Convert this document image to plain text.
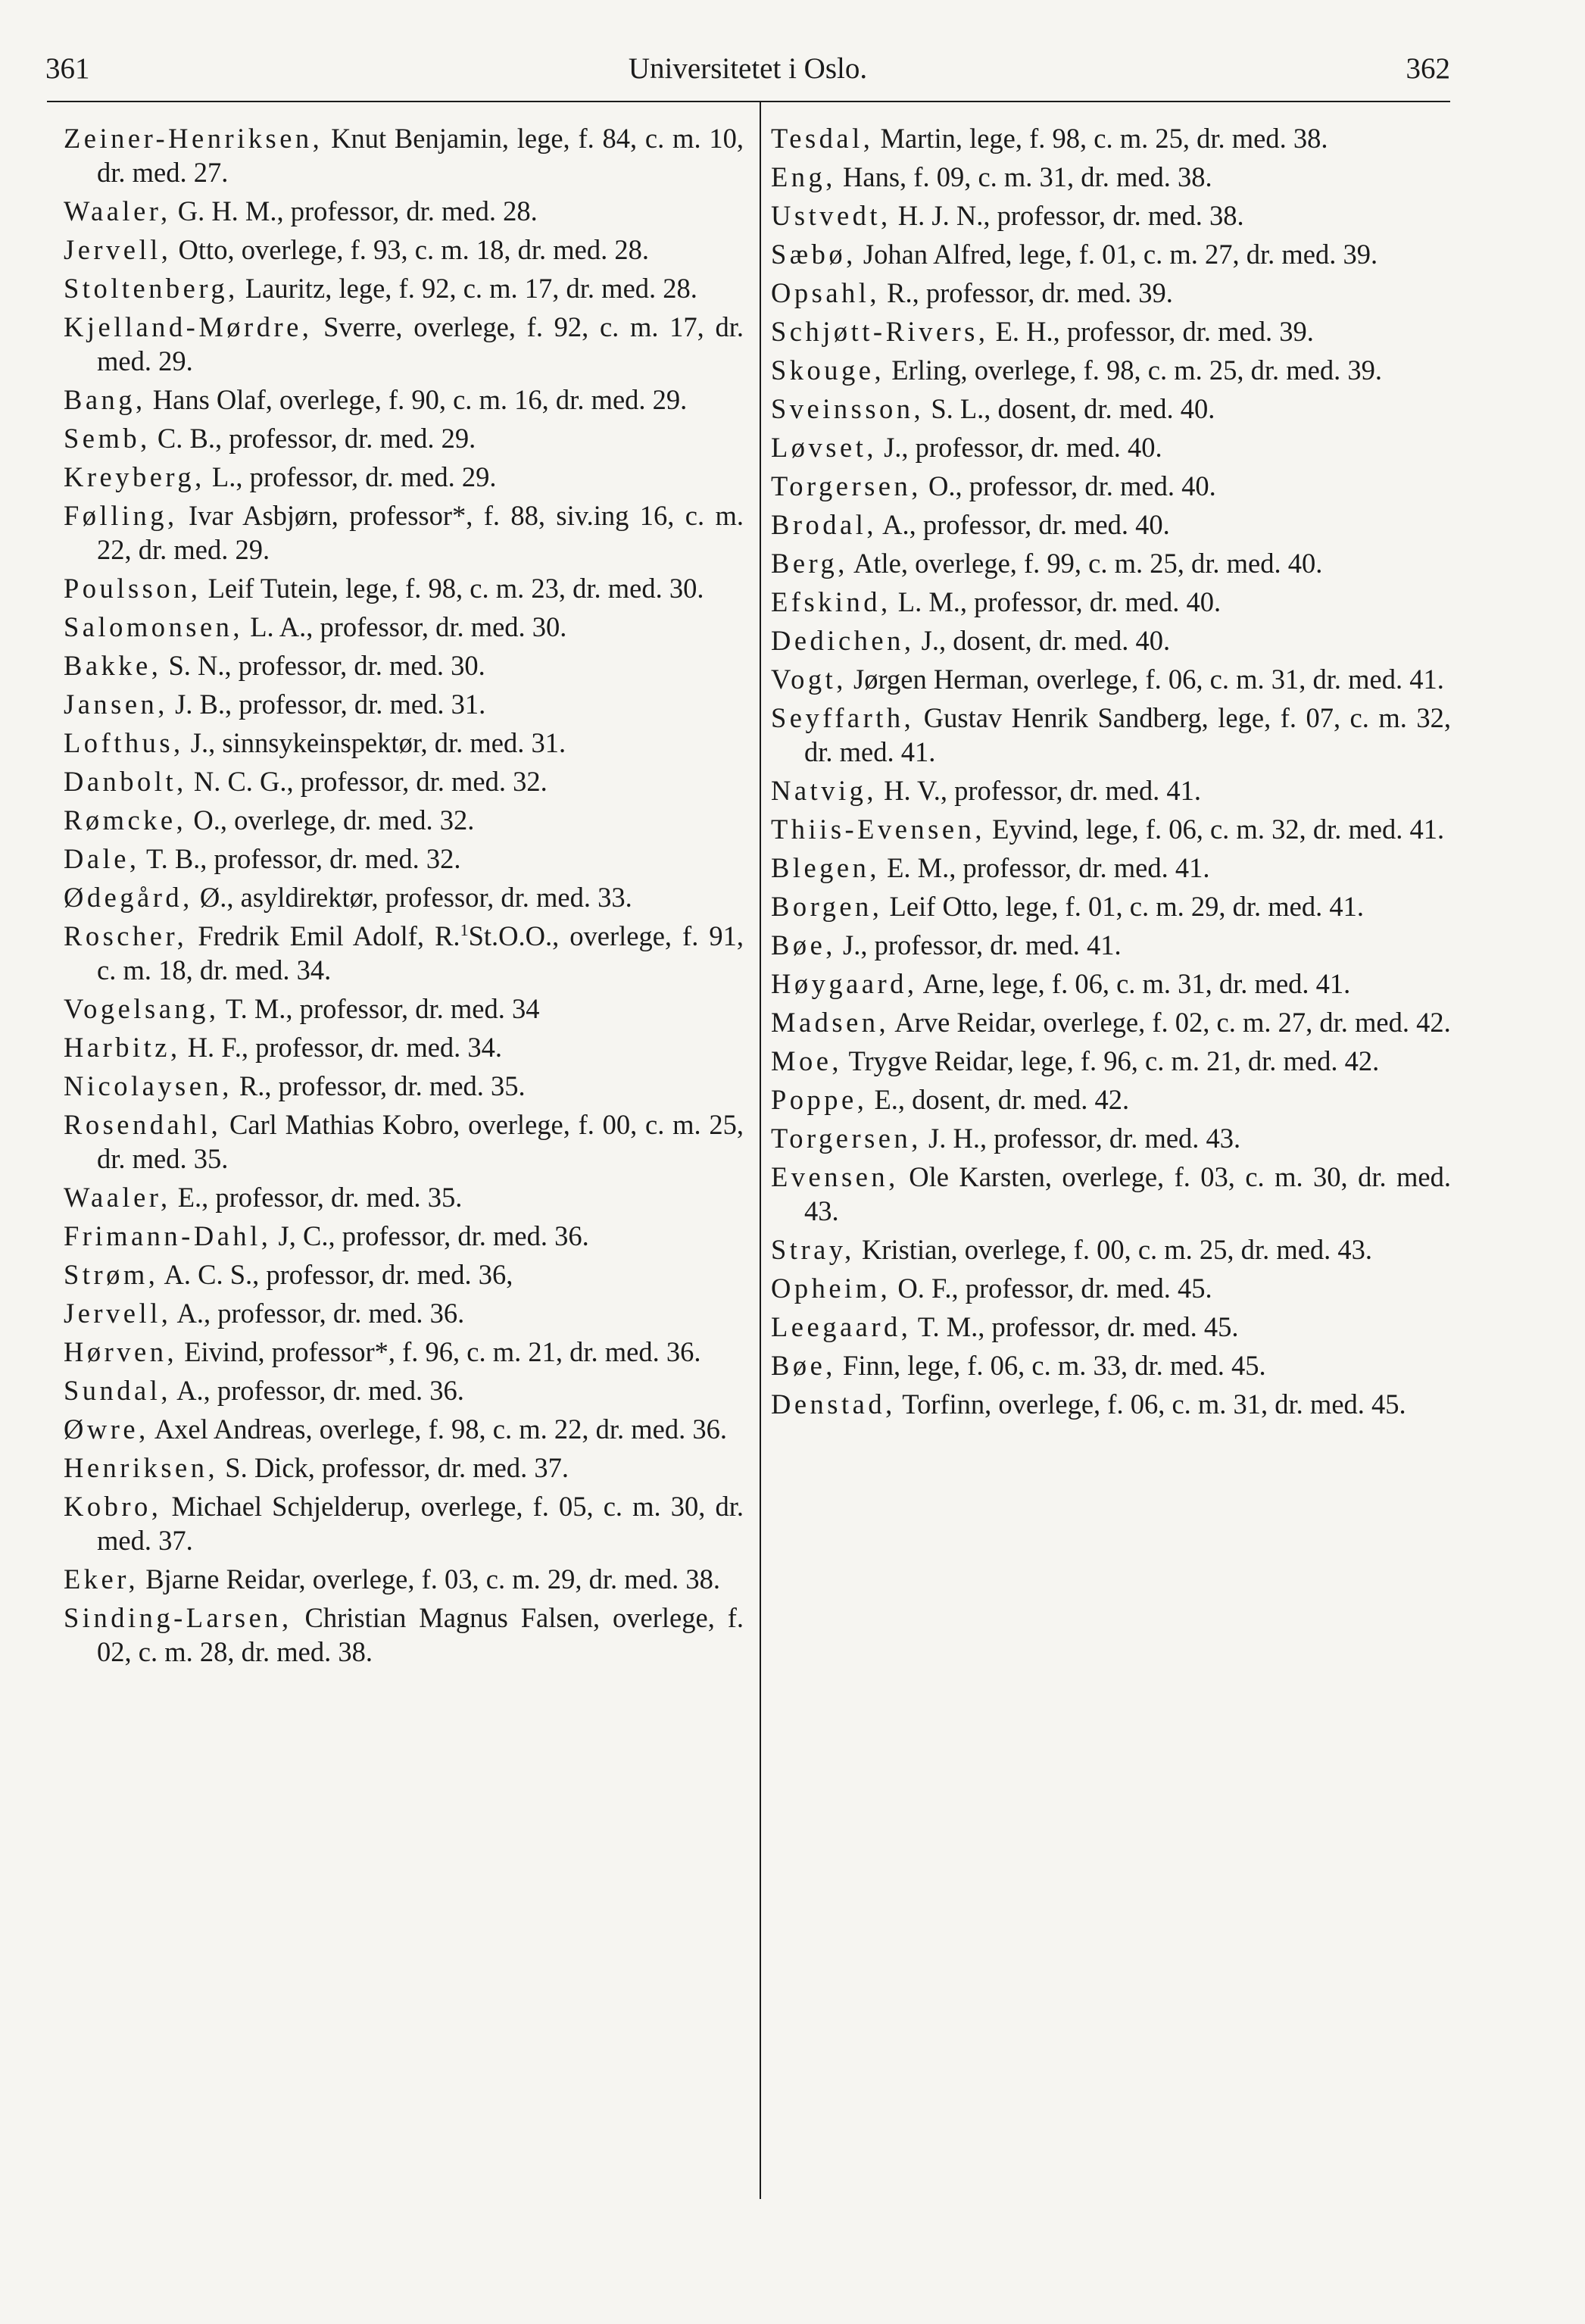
361	Universitetet i Oslo.	362

Zeiner-Henriksen, Knut Benjamin, lege, f. 84, c. m. 10, dr. med. 27.

Waaler, G. H. M., professor, dr. med. 28.

Jervell, Otto, overlege, f. 93, c. m. 18, dr. med. 28.

Stoltenberg, Lauritz, lege, f. 92, c. m. 17, dr. med. 28.

Kjelland-Mørdre, Sverre, overlege, f. 92, c. m. 17, dr. med. 29.

Bang, Hans Olaf, overlege, f. 90, c. m. 16, dr. med. 29.

Semb, C. B., professor, dr. med. 29.

Kreyberg, L., professor, dr. med. 29.

Følling, Ivar Asbjørn, professor*, f. 88, siv.ing 16, c. m. 22, dr. med. 29.

Poulsson, Leif Tutein, lege, f. 98, c. m. 23, dr. med. 30.

Salomonsen, L. A., professor, dr. med. 30.

Bakke, S. N., professor, dr. med. 30.

Jansen, J. B., professor, dr. med. 31.

Lofthus, J., sinnsykeinspektør, dr. med. 31.

Danbolt, N. C. G., professor, dr. med. 32.

Rømcke, O., overlege, dr. med. 32.

Dale, T. B., professor, dr. med. 32.

Ødegård, Ø., asyldirektør, professor, dr. med. 33.

Roscher, Fredrik Emil Adolf, R.$^1$St.O.O., overlege, f. 91, c. m. 18, dr. med. 34.

Vogelsang, T. M., professor, dr. med. 34

Harbitz, H. F., professor, dr. med. 34.

Nicolaysen, R., professor, dr. med. 35.

Rosendahl, Carl Mathias Kobro, overlege, f. 00, c. m. 25, dr. med. 35.

Waaler, E., professor, dr. med. 35.

Frimann-Dahl, J, C., professor, dr. med. 36.

Strøm, A. C. S., professor, dr. med. 36,

Jervell, A., professor, dr. med. 36.

Hørven, Eivind, professor*, f. 96, c. m. 21, dr. med. 36.

Sundal, A., professor, dr. med. 36.

Øwre, Axel Andreas, overlege, f. 98, c. m. 22, dr. med. 36.

Henriksen, S. Dick, professor, dr. med. 37.

Kobro, Michael Schjelderup, overlege, f. 05, c. m. 30, dr. med. 37.

Eker, Bjarne Reidar, overlege, f. 03, c. m. 29, dr. med. 38.

Sinding-Larsen, Christian Magnus Falsen, overlege, f. 02, c. m. 28, dr. med. 38.

Tesdal, Martin, lege, f. 98, c. m. 25, dr. med. 38.

Eng, Hans, f. 09, c. m. 31, dr. med. 38.

Ustvedt, H. J. N., professor, dr. med. 38.

Sæbø, Johan Alfred, lege, f. 01, c. m. 27, dr. med. 39.

Opsahl, R., professor, dr. med. 39.

Schjøtt-Rivers, E. H., professor, dr. med. 39.

Skouge, Erling, overlege, f. 98, c. m. 25, dr. med. 39.

Sveinsson, S. L., dosent, dr. med. 40.

Løvset, J., professor, dr. med. 40.

Torgersen, O., professor, dr. med. 40.

Brodal, A., professor, dr. med. 40.

Berg, Atle, overlege, f. 99, c. m. 25, dr. med. 40.

Efskind, L. M., professor, dr. med. 40.

Dedichen, J., dosent, dr. med. 40.

Vogt, Jørgen Herman, overlege, f. 06, c. m. 31, dr. med. 41.

Seyffarth, Gustav Henrik Sandberg, lege, f. 07, c. m. 32, dr. med. 41.

Natvig, H. V., professor, dr. med. 41.

Thiis-Evensen, Eyvind, lege, f. 06, c. m. 32, dr. med. 41.

Blegen, E. M., professor, dr. med. 41.

Borgen, Leif Otto, lege, f. 01, c. m. 29, dr. med. 41.

Bøe, J., professor, dr. med. 41.

Høygaard, Arne, lege, f. 06, c. m. 31, dr. med. 41.

Madsen, Arve Reidar, overlege, f. 02, c. m. 27, dr. med. 42.

Moe, Trygve Reidar, lege, f. 96, c. m. 21, dr. med. 42.

Poppe, E., dosent, dr. med. 42.

Torgersen, J. H., professor, dr. med. 43.

Evensen, Ole Karsten, overlege, f. 03, c. m. 30, dr. med. 43.

Stray, Kristian, overlege, f. 00, c. m. 25, dr. med. 43.

Opheim, O. F., professor, dr. med. 45.

Leegaard, T. M., professor, dr. med. 45.

Bøe, Finn, lege, f. 06, c. m. 33, dr. med. 45.

Denstad, Torfinn, overlege, f. 06, c. m. 31, dr. med. 45.
